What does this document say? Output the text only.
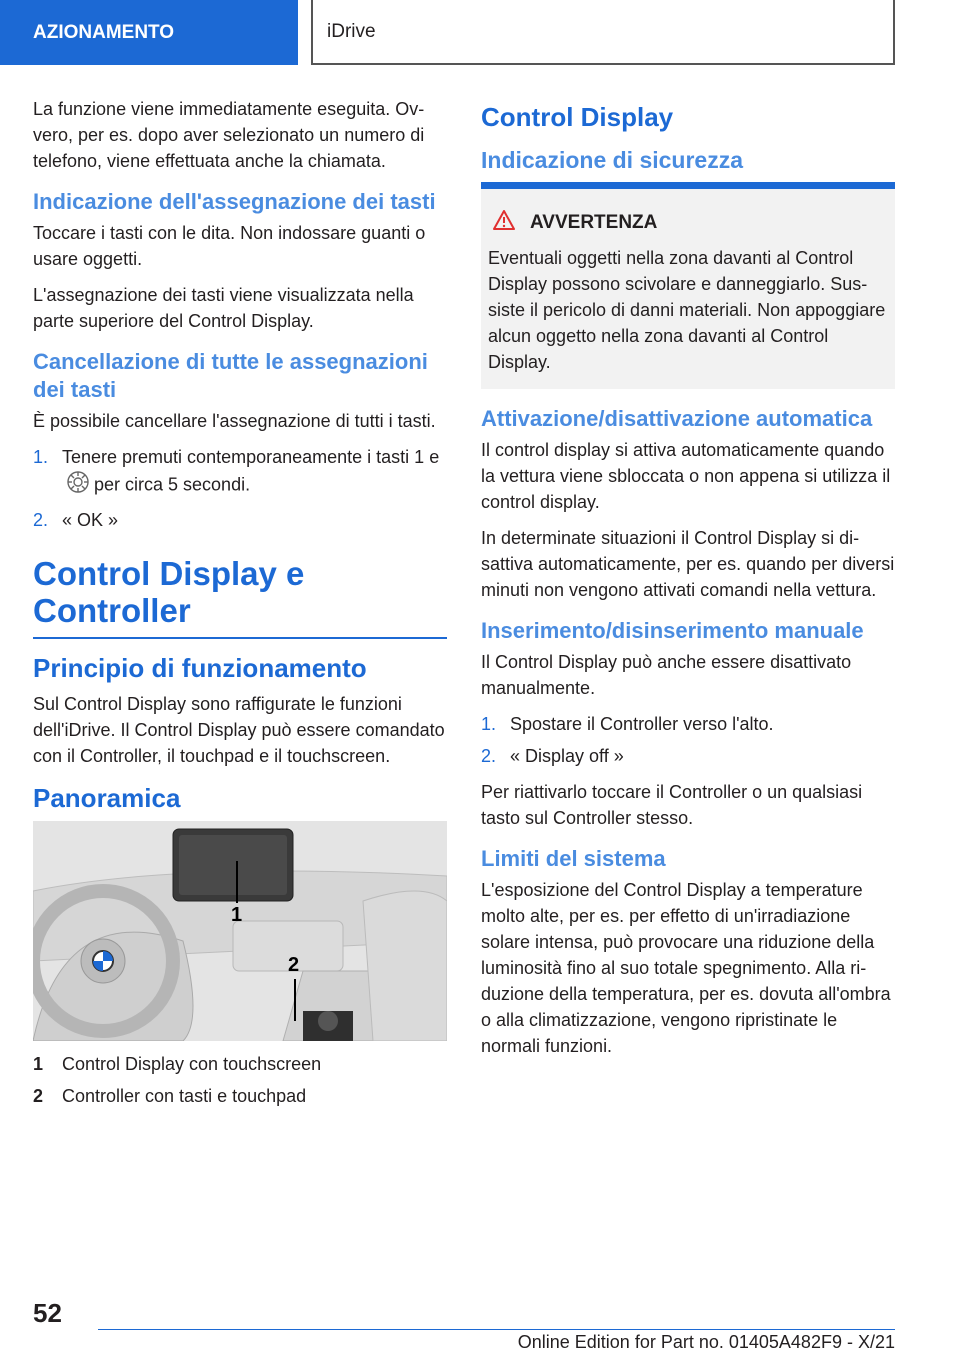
AZIONAMENTO	iDrive

La funzione viene immediatamente eseguita. Ovvero, per es. dopo aver selezionato un numero di telefono, viene effettuata anche la chiamata.

Indicazione dell'assegnazione dei tasti

Toccare i tasti con le dita. Non indossare guanti o usare oggetti.

L'assegnazione dei tasti viene visualizzata nella parte superiore del Control Display.

Cancellazione di tutte le assegnazioni dei tasti

È possibile cancellare l'assegnazione di tutti i tasti.

1. Tenere premuti contemporaneamente i tasti 1 eper circa 5 secondi.
2. « OK »
Control Display e Controller
Principio di funzionamento

Sul Control Display sono raffigurate le funzioni dell'iDrive. Il Control Display può essere comandato con il Controller, il touchpad e il touchscreen.

Panoramica
1
2
1	Control Display con touchscreen
2	Controller con tasti e touchpad
Control Display
Indicazione di sicurezza
AVVERTENZA

Eventuali oggetti nella zona davanti al Control Display possono scivolare e danneggiarlo. Sussiste il pericolo di danni materiali. Non appoggiare alcun oggetto nella zona davanti al Control Display.

Attivazione/disattivazione automatica

Il control display si attiva automaticamente quando la vettura viene sbloccata o non appena si utilizza il control display.

In determinate situazioni il Control Display si disattiva automaticamente, per es. quando per diversi minuti non vengono attivati comandi nella vettura.

Inserimento/disinserimento manuale

Il Control Display può anche essere disattivato manualmente.

1. Spostare il Controller verso l'alto.
2. « Display off »

Per riattivarlo toccare il Controller o un qualsiasi tasto sul Controller stesso.

Limiti del sistema

L'esposizione del Control Display a temperature molto alte, per es. per effetto di un'irradiazione solare intensa, può provocare una riduzione della luminosità fino al suo totale spegnimento. Alla riduzione della temperatura, per es. dovuta all'ombra o alla climatizzazione, vengono ripristinate le normali funzioni.

52
Online Edition for Part no. 01405A482F9 - X/21
